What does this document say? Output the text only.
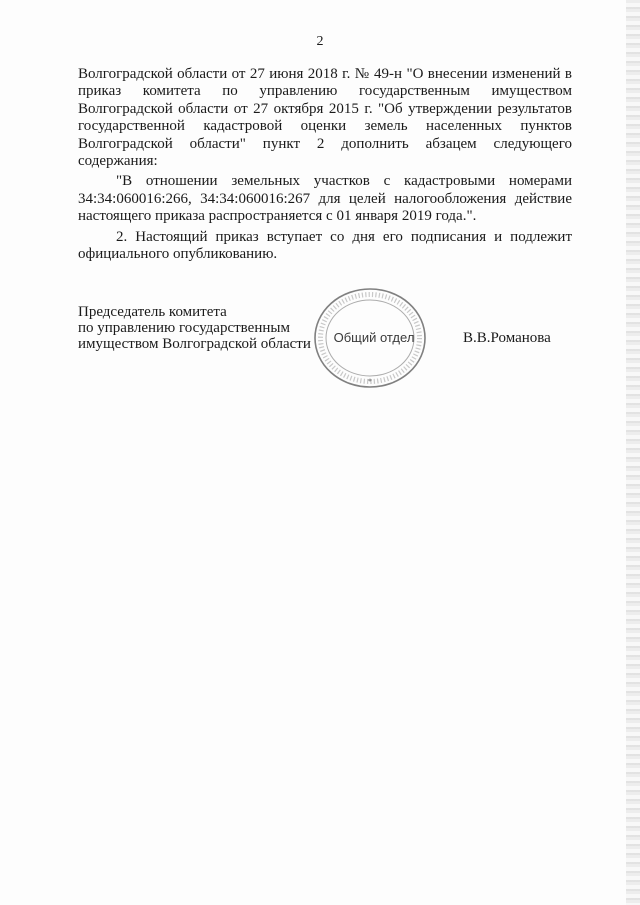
2

Волгоградской области от 27 июня 2018 г. № 49-н "О внесении изменений в приказ комитета по управлению государственным имуществом Волгоградской области от 27 октября 2015 г. "Об утверждении результатов государственной кадастровой оценки земель населенных пунктов Волгоградской области" пункт 2 дополнить абзацем следующего содержания:

"В отношении земельных участков с кадастровыми номерами 34:34:060016:266, 34:34:060016:267 для целей налогообложения действие настоящего приказа распространяется с 01 января 2019 года.".

2. Настоящий приказ вступает со дня его подписания и подлежит официального опубликованию.

Председатель комитета
по управлению государственным
имуществом Волгоградской области
*
Общий отдел	В.В.Романова
